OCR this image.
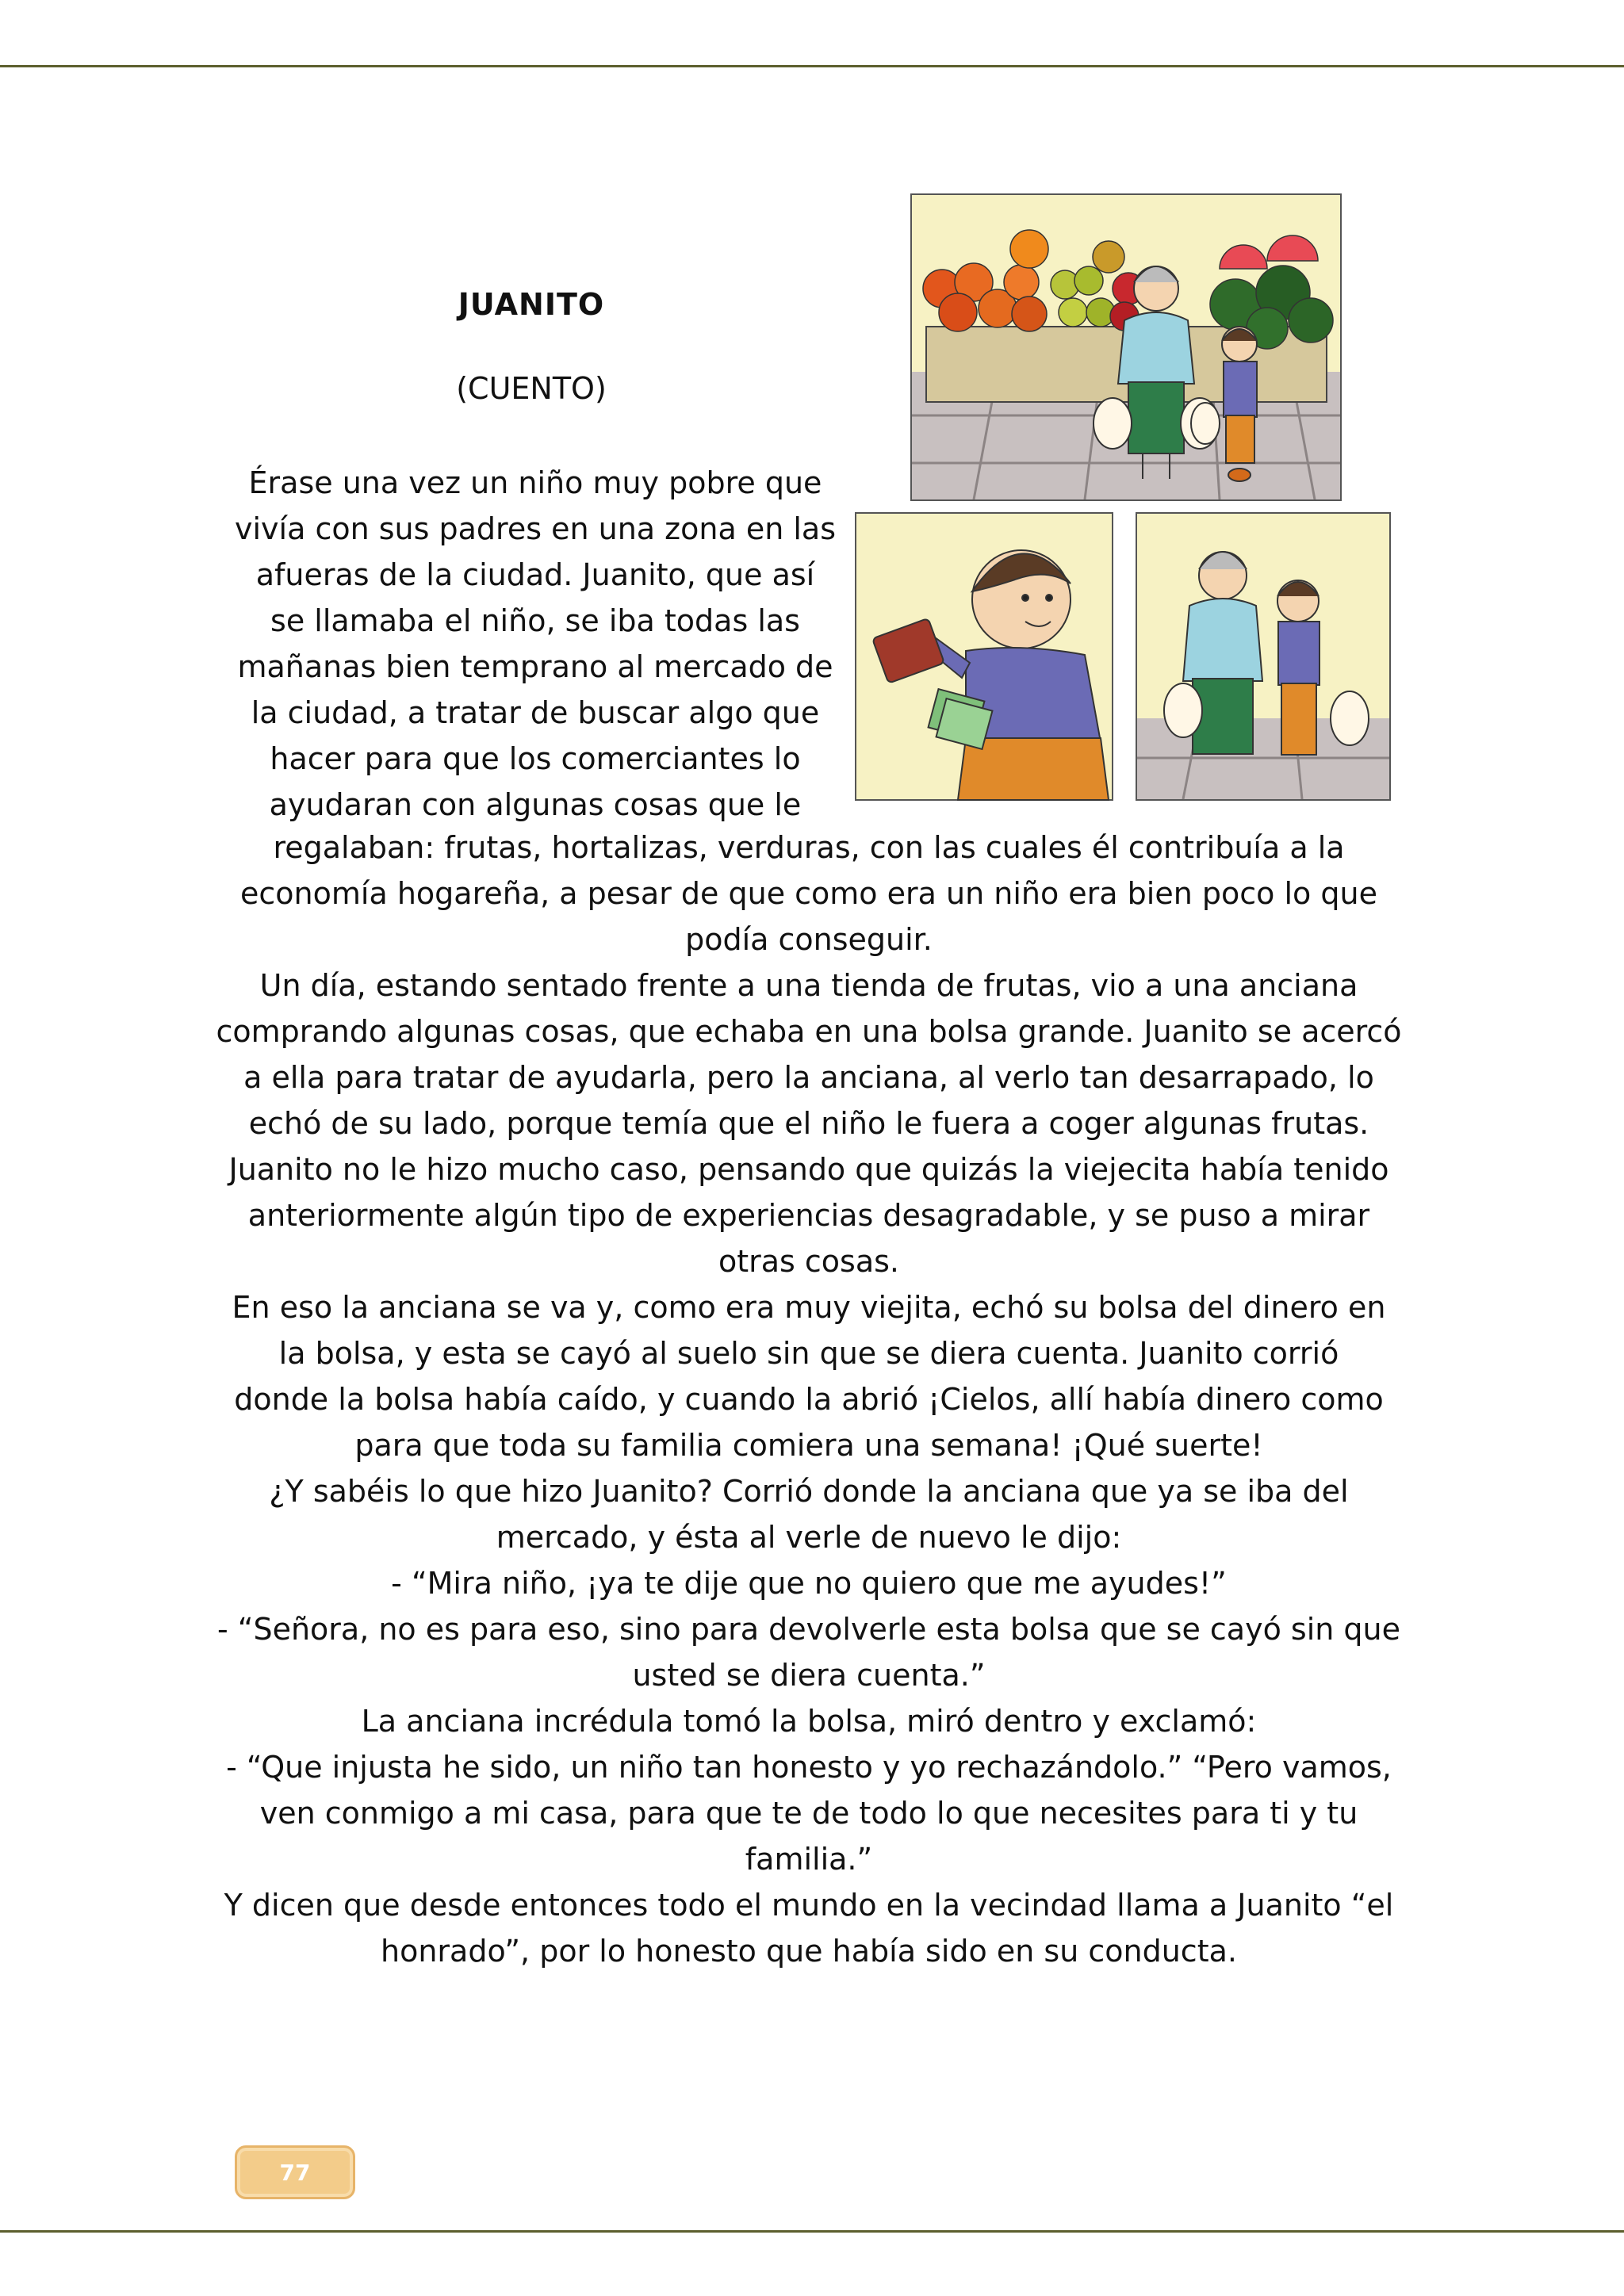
JUANITO
(CUENTO)
Érase una vez un niño muy pobre que
vivía con sus padres en una zona en las
afueras de la ciudad. Juanito, que así
se llamaba el niño, se iba todas las
mañanas bien temprano al mercado de
la ciudad, a tratar de buscar algo que
hacer para que los comerciantes lo
ayudaran con algunas cosas que le
regalaban: frutas, hortalizas, verduras, con las cuales él contribuía a la
economía hogareña, a pesar de que como era un niño era bien poco lo que
podía conseguir.
Un día, estando sentado frente a una tienda de frutas, vio a una anciana
comprando algunas cosas, que echaba en una bolsa grande. Juanito se acercó
a ella para tratar de ayudarla, pero la anciana, al verlo tan desarrapado, lo
echó de su lado, porque temía que el niño le fuera a coger algunas frutas.
Juanito no le hizo mucho caso, pensando que quizás la viejecita había tenido
anteriormente algún tipo de experiencias desagradable, y se puso a mirar
otras cosas.
En eso la anciana se va y, como era muy viejita, echó su bolsa del dinero en
la bolsa, y esta se cayó al suelo sin que se diera cuenta. Juanito corrió
donde la bolsa había caído, y cuando la abrió ¡Cielos, allí había dinero como
para que toda su familia comiera una semana! ¡Qué suerte!
¿Y sabéis lo que hizo Juanito? Corrió donde la anciana que ya se iba del
mercado, y ésta al verle de nuevo le dijo:
- “Mira niño, ¡ya te dije que no quiero que me ayudes!”
- “Señora, no es para eso, sino para devolverle esta bolsa que se cayó sin que
usted se diera cuenta.”
La anciana incrédula tomó la bolsa, miró dentro y exclamó:
- “Que injusta he sido, un niño tan honesto y yo rechazándolo.” “Pero vamos,
ven conmigo a mi casa, para que te de todo lo que necesites para ti y tu
familia.”
Y dicen que desde entonces todo el mundo en la vecindad llama a Juanito “el
honrado”, por lo honesto que había sido en su conducta.
77
